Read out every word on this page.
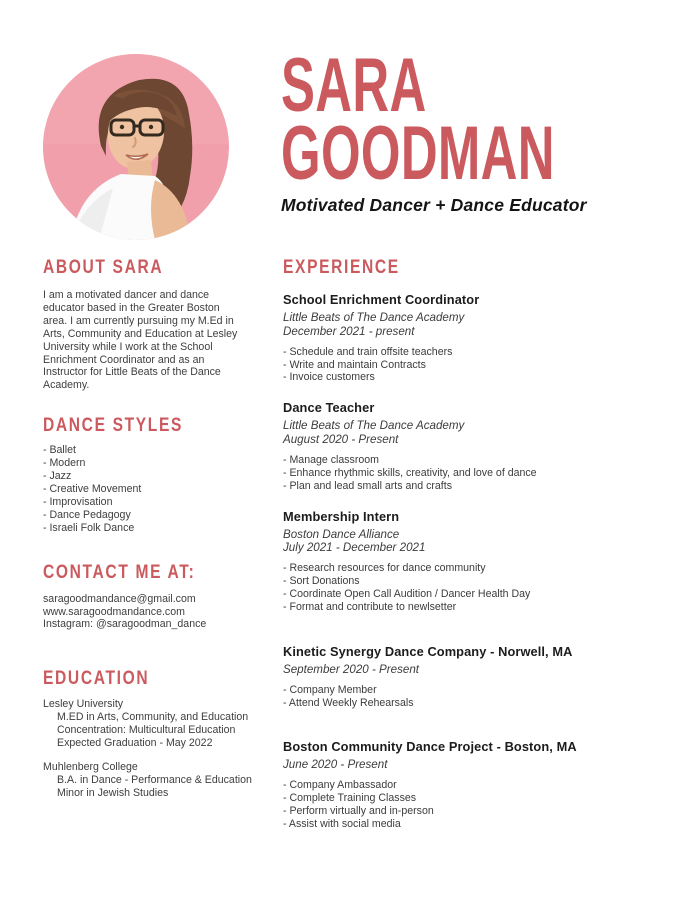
SARA
GOODMAN
Motivated Dancer + Dance Educator
ABOUT SARA

I am a motivated dancer and dance educator based in the Greater Boston area. I am currently pursuing my M.Ed in Arts, Community and Education at Lesley University while I work at the School Enrichment Coordinator and as an Instructor for Little Beats of the Dance Academy.

DANCE STYLES
- Ballet
- Modern
- Jazz
- Creative Movement
- Improvisation
- Dance Pedagogy
- Israeli Folk Dance
CONTACT ME AT:
saragoodmandance@gmail.com
www.saragoodmandance.com
Instagram: @saragoodman_dance
EDUCATION
Lesley University
M.ED in Arts, Community, and Education
Concentration: Multicultural Education
Expected Graduation - May 2022
Muhlenberg College
B.A. in Dance - Performance & Education
Minor in Jewish Studies
EXPERIENCE
School Enrichment Coordinator
Little Beats of The Dance Academy
December 2021 - present
- Schedule and train offsite teachers
- Write and maintain Contracts
- Invoice customers
Dance Teacher
Little Beats of The Dance Academy
August 2020 - Present
- Manage classroom
- Enhance rhythmic skills, creativity, and love of dance
- Plan and lead small arts and crafts
Membership Intern
Boston Dance Alliance
July 2021 - December 2021
- Research resources for dance community
- Sort Donations
- Coordinate Open Call Audition / Dancer Health Day
- Format and contribute to newlsetter
Kinetic Synergy Dance Company - Norwell, MA
September 2020 - Present
- Company Member
- Attend Weekly Rehearsals
Boston Community Dance Project - Boston, MA
June 2020 - Present
- Company Ambassador
- Complete Training Classes
- Perform virtually and in-person
- Assist with social media
